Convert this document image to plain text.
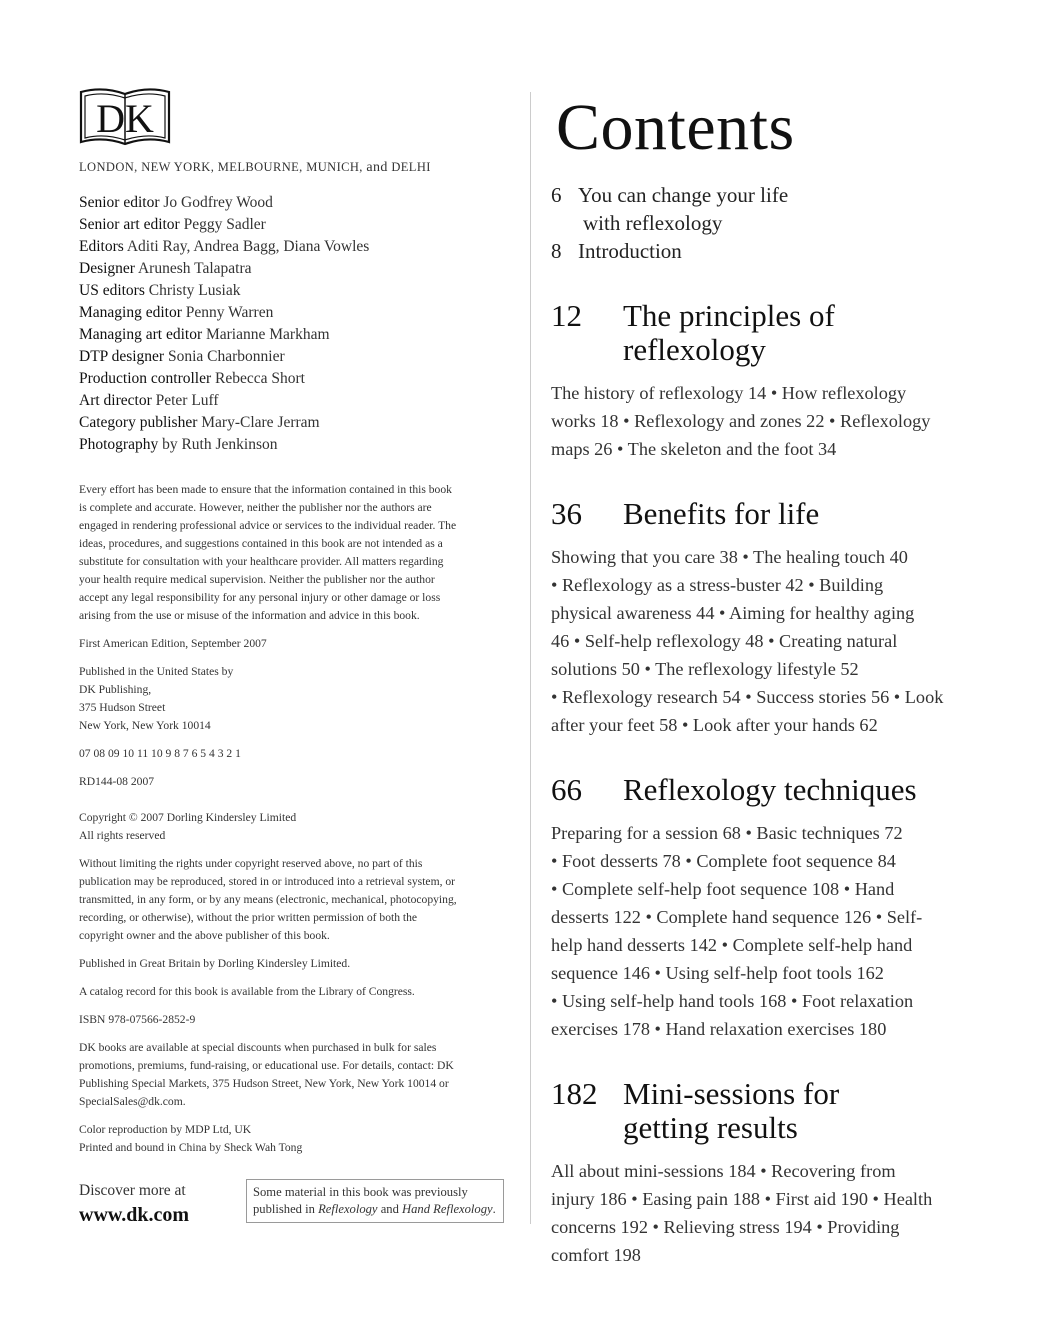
DK
LONDON, NEW YORK, MELBOURNE, MUNICH, and DELHI
Senior editor Jo Godfrey Wood
Senior art editor Peggy Sadler
Editors Aditi Ray, Andrea Bagg, Diana Vowles
Designer Arunesh Talapatra
US editors Christy Lusiak
Managing editor Penny Warren
Managing art editor Marianne Markham
DTP designer Sonia Charbonnier
Production controller Rebecca Short
Art director Peter Luff
Category publisher Mary-Clare Jerram
Photography by Ruth Jenkinson

Every effort has been made to ensure that the information contained in this book
is complete and accurate. However, neither the publisher nor the authors are
engaged in rendering professional advice or services to the individual reader. The
ideas, procedures, and suggestions contained in this book are not intended as a
substitute for consultation with your healthcare provider. All matters regarding
your health require medical supervision. Neither the publisher nor the author
accept any legal responsibility for any personal injury or other damage or loss
arising from the use or misuse of the information and advice in this book.

First American Edition, September 2007

Published in the United States by
DK Publishing,
375 Hudson Street
New York, New York 10014

07 08 09 10 11 10 9 8 7 6 5 4 3 2 1

RD144-08 2007

Copyright © 2007 Dorling Kindersley Limited
All rights reserved

Without limiting the rights under copyright reserved above, no part of this
publication may be reproduced, stored in or introduced into a retrieval system, or
transmitted, in any form, or by any means (electronic, mechanical, photocopying,
recording, or otherwise), without the prior written permission of both the
copyright owner and the above publisher of this book.

Published in Great Britain by Dorling Kindersley Limited.

A catalog record for this book is available from the Library of Congress.

ISBN 978-07566-2852-9

DK books are available at special discounts when purchased in bulk for sales
promotions, premiums, fund-raising, or educational use. For details, contact: DK
Publishing Special Markets, 375 Hudson Street, New York, New York 10014 or
SpecialSales@dk.com.

Color reproduction by MDP Ltd, UK
Printed and bound in China by Sheck Wah Tong

Discover more at
www.dk.com
Some material in this book was previously
published in Reflexology and Hand Reflexology.
Contents
6 You can change your life
with reflexology
8 Introduction
12	The principles of
reflexology
The history of reflexology 14 • How reflexology
works 18 • Reflexology and zones 22 • Reflexology
maps 26 • The skeleton and the foot 34
36	Benefits for life
Showing that you care 38 • The healing touch 40
• Reflexology as a stress-buster 42 • Building
physical awareness 44 • Aiming for healthy aging
46 • Self-help reflexology 48 • Creating natural
solutions 50 • The reflexology lifestyle 52
• Reflexology research 54 • Success stories 56 • Look
after your feet 58 • Look after your hands 62
66	Reflexology techniques
Preparing for a session 68 • Basic techniques 72
• Foot desserts 78 • Complete foot sequence 84
• Complete self-help foot sequence 108 • Hand
desserts 122 • Complete hand sequence 126 • Self-
help hand desserts 142 • Complete self-help hand
sequence 146 • Using self-help foot tools 162
• Using self-help hand tools 168 • Foot relaxation
exercises 178 • Hand relaxation exercises 180
182 Mini-sessions for
getting results
All about mini-sessions 184 • Recovering from
injury 186 • Easing pain 188 • First aid 190 • Health
concerns 192 • Relieving stress 194 • Providing
comfort 198
